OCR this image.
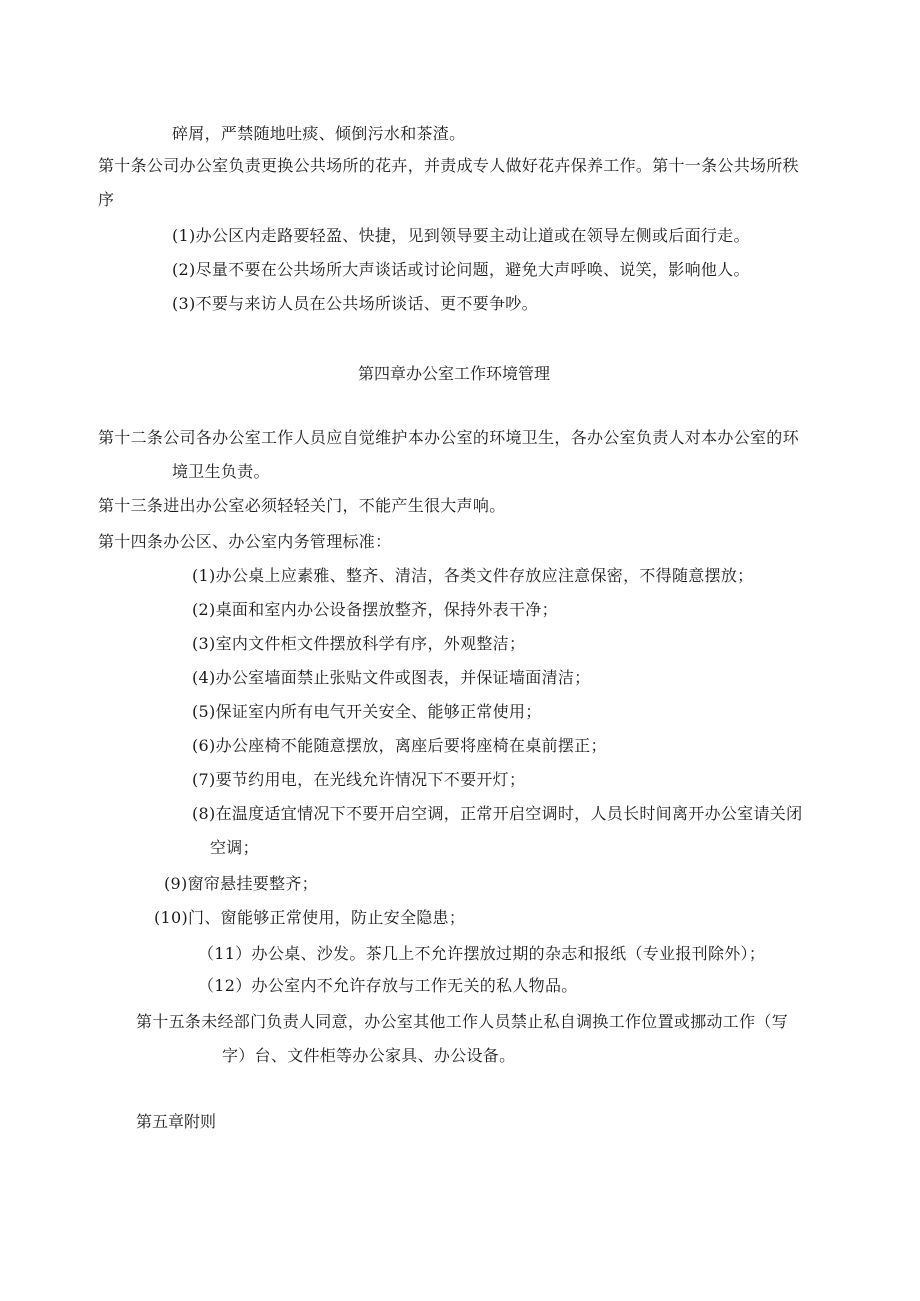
碎屑，严禁随地吐痰、倾倒污水和茶渣。
第十条公司办公室负责更换公共场所的花卉，并责成专人做好花卉保养工作。第十一条公共场所秩
序
(1)办公区内走路要轻盈、快捷，见到领导要主动让道或在领导左侧或后面行走。
(2)尽量不要在公共场所大声谈话或讨论问题，避免大声呼唤、说笑，影响他人。
(3)不要与来访人员在公共场所谈话、更不要争吵。
第四章办公室工作环境管理
第十二条公司各办公室工作人员应自觉维护本办公室的环境卫生，各办公室负责人对本办公室的环
境卫生负责。
第十三条进出办公室必须轻轻关门，不能产生很大声响。
第十四条办公区、办公室内务管理标准：
(1)办公桌上应素雅、整齐、清洁，各类文件存放应注意保密，不得随意摆放；
(2)桌面和室内办公设备摆放整齐，保持外表干净；
(3)室内文件柜文件摆放科学有序，外观整洁；
(4)办公室墙面禁止张贴文件或图表，并保证墙面清洁；
(5)保证室内所有电气开关安全、能够正常使用；
(6)办公座椅不能随意摆放，离座后要将座椅在桌前摆正；
(7)要节约用电，在光线允许情况下不要开灯；
(8)在温度适宜情况下不要开启空调，正常开启空调时，人员长时间离开办公室请关闭
空调；
(9)窗帘悬挂要整齐；
(10)门、窗能够正常使用，防止安全隐患；
（11）办公桌、沙发。茶几上不允许摆放过期的杂志和报纸（专业报刊除外）；
（12）办公室内不允许存放与工作无关的私人物品。
第十五条未经部门负责人同意，办公室其他工作人员禁止私自调换工作位置或挪动工作（写
字）台、文件柜等办公家具、办公设备。
第五章附则
